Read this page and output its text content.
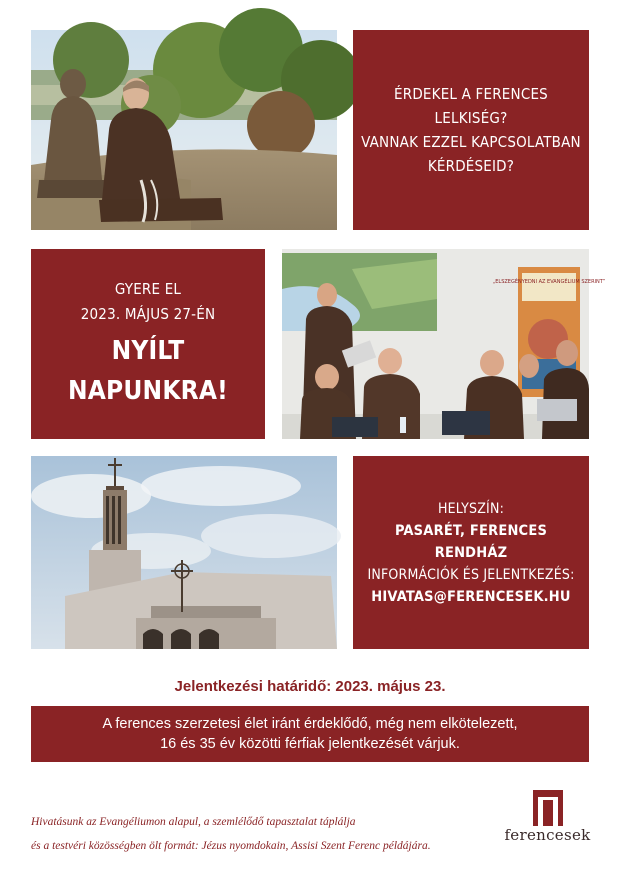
ÉRDEKEL A FERENCES
LELKISÉG?
VANNAK EZZEL KAPCSOLATBAN
KÉRDÉSEID?
GYERE EL
2023. MÁJUS 27-ÉN
NYÍLT NAPUNKRA!
„ELSZEGÉNYEDNI AZ EVANGÉLIUM SZERINT”
HELYSZÍN:
PASARÉT, FERENCES
RENDHÁZ
INFORMÁCIÓK ÉS JELENTKEZÉS:
HIVATAS@FERENCESEK.HU
Jelentkezési határidő: 2023. május 23.
A ferences szerzetesi élet iránt érdeklődő, még nem elkötelezett,
16 és 35 év közötti férfiak jelentkezését várjuk.
Hivatásunk az Evangéliumon alapul, a szemlélődő tapasztalat táplálja
és a testvéri közösségben ölt formát: Jézus nyomdokain, Assisi Szent Ferenc példájára.
ferencesek
